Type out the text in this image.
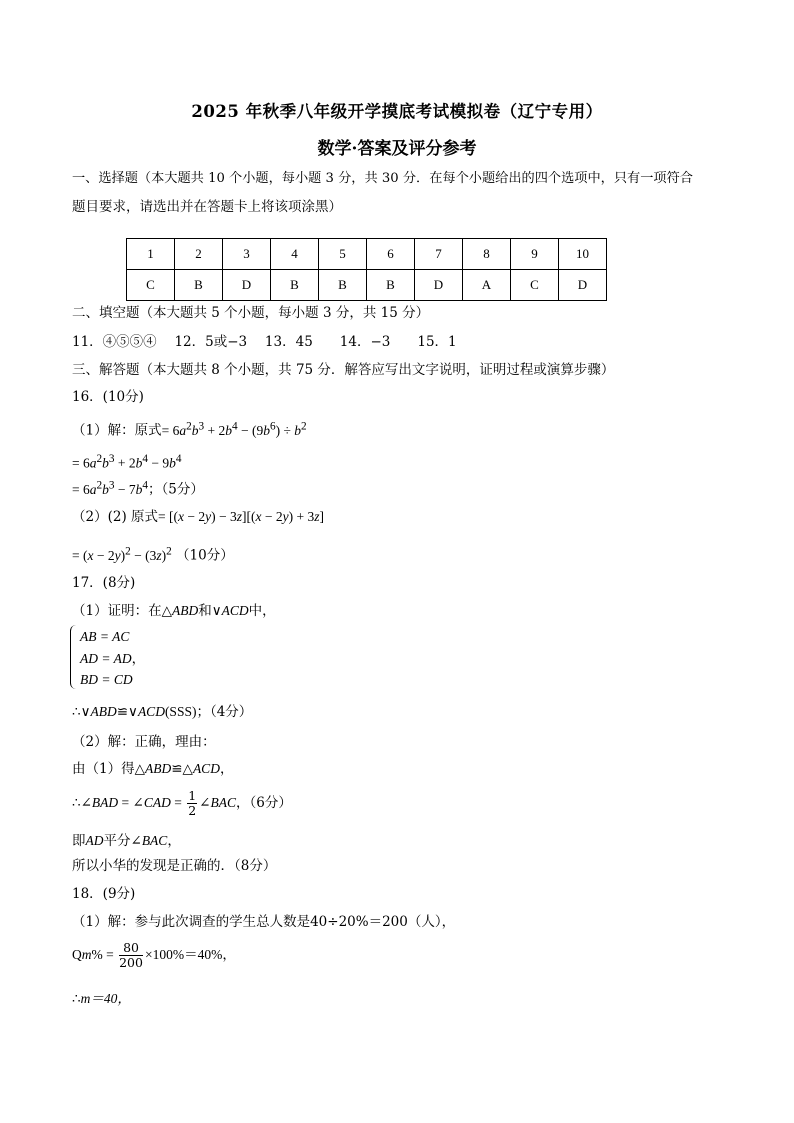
2025 年秋季八年级开学摸底考试模拟卷（辽宁专用）
数学·答案及评分参考
一、选择题（本大题共 10 个小题，每小题 3 分，共 30 分．在每个小题给出的四个选项中，只有一项符合
题目要求，请选出并在答题卡上将该项涂黑）
1	2	3	4	5	6	7	8	9	10
C	B	D	B	B	B	D	A	C	D
二、填空题（本大题共 5 个小题，每小题 3 分，共 15 分）
11．④⑤⑤④　 12．5或−3　 13．45　　14．−3　　15．1
三、解答题（本大题共 8 个小题，共 75 分．解答应写出文字说明，证明过程或演算步骤）
16．(10分)
（1）解：原式= $6a^2b^3 + 2b^4 - (9b^6) \div b^2$
= $6a^2b^3 + 2b^4 - 9b^4$
= $6a^2b^3 - 7b^4$；（5分）
（2）(2) 原式= [(x − 2y) − 3z][(x − 2y) + 3z]
= $(x - 2y)^2 - (3z)^2$ （10分）
17．(8分)
（1）证明：在△ABD和∨ACD中，
AB = AC
AD = AD，
BD = CD
∴∨ABD≌∨ACD(SSS)；（4分）
（2）解：正确，理由：
由（1）得△ABD≌△ACD，
∴∠BAD = ∠CAD = $\frac{1}{2}$ ∠BAC，（6分）
即AD平分∠BAC，
所以小华的发现是正确的．（8分）
18．(9分)
（1）解：参与此次调查的学生总人数是40÷20%＝200（人），
$Qm\% = \frac{80}{200} \times 100\%=40\%$，
∴m＝40，
